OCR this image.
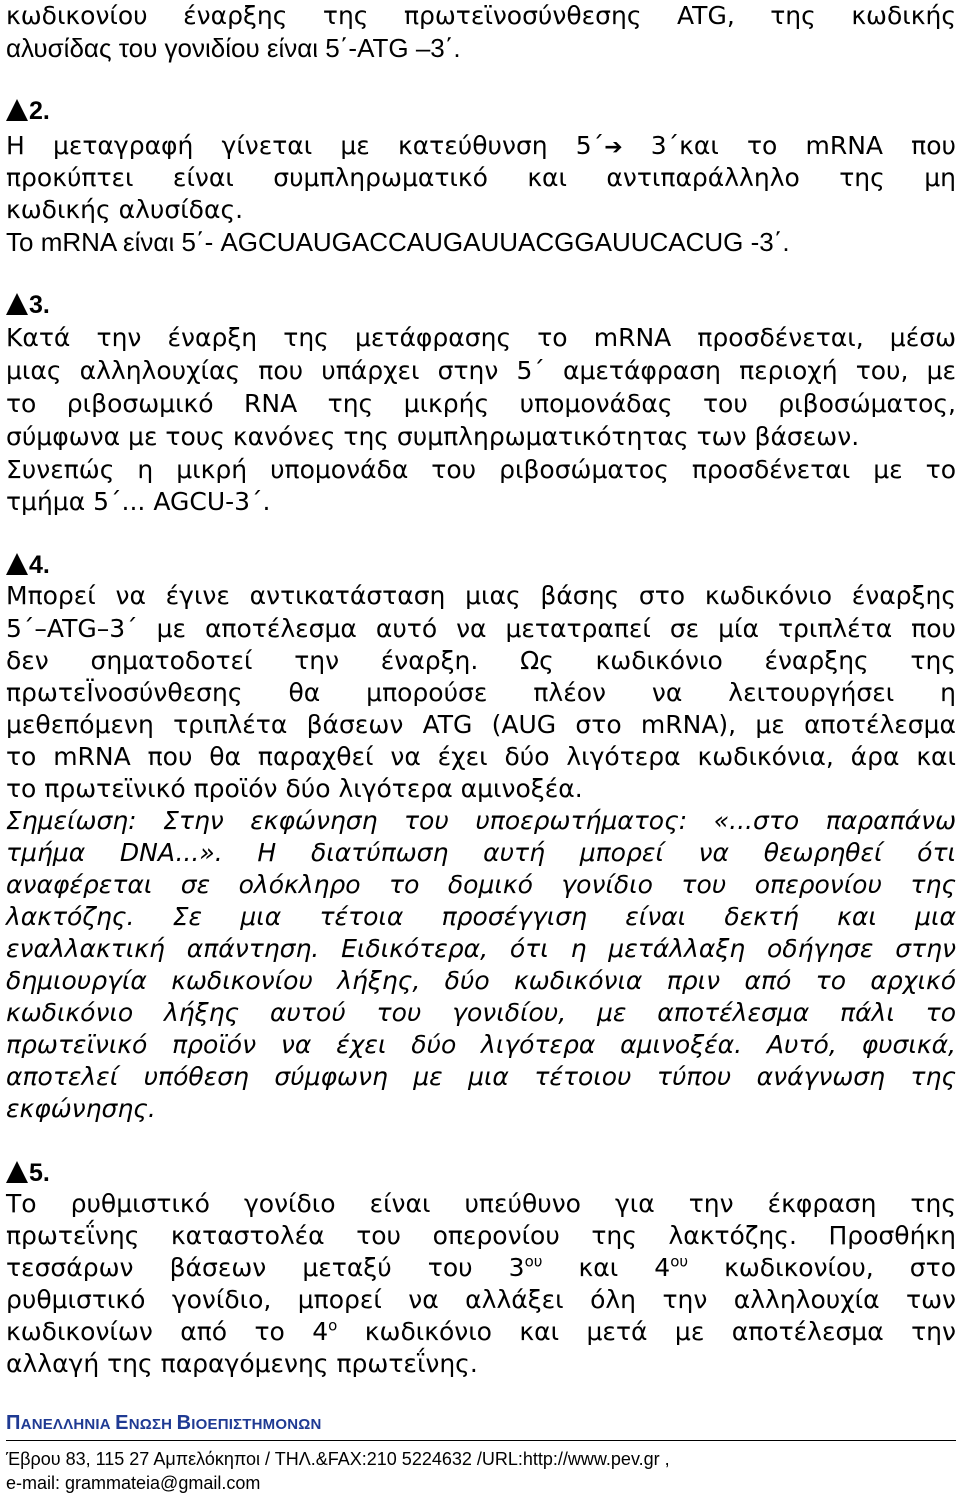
κωδικονίου έναρξης της πρωτεϊνοσύνθεσης ATG, της κωδικής
αλυσίδας του γονιδίου είναι 5΄-ATG –3΄.
2.
Η μεταγραφή γίνεται με κατεύθυνση 5΄➔ 3΄και το mRNA που
προκύπτει είναι συμπληρωματικό και αντιπαράλληλο της μη
κωδικής αλυσίδας.
Το mRNA είναι 5΄- AGCUAUGACCAUGAUUACGGAUUCACUG -3΄.
3.
Κατά την έναρξη της μετάφρασης το mRNA προσδένεται, μέσω
μιας αλληλουχίας που υπάρχει στην 5΄ αμετάφραση περιοχή του, με
το ριβοσωμικό RNA της μικρής υπομονάδας του ριβοσώματος,
σύμφωνα με τους κανόνες της συμπληρωματικότητας των βάσεων.
Συνεπώς η μικρή υπομονάδα του ριβοσώματος προσδένεται με το
τμήμα 5΄... AGCU-3΄.
4.
Μπορεί να έγινε αντικατάσταση μιας βάσης στο κωδικόνιο έναρξης
5΄–ATG–3΄ με αποτέλεσμα αυτό να μετατραπεί σε μία τριπλέτα που
δεν σηματοδοτεί την έναρξη. Ως κωδικόνιο έναρξης της
πρωτεΪνοσύνθεσης θα μπορούσε πλέον να λειτουργήσει η
μεθεπόμενη τριπλέτα βάσεων ATG (AUG στο mRNA), με αποτέλεσμα
το mRNA που θα παραχθεί να έχει δύο λιγότερα κωδικόνια, άρα και
το πρωτεϊνικό προϊόν δύο λιγότερα αμινοξέα.
Σημείωση: Στην εκφώνηση του υποερωτήματος: «...στο παραπάνω
τμήμα DNA...». Η διατύπωση αυτή μπορεί να θεωρηθεί ότι
αναφέρεται σε ολόκληρο το δομικό γονίδιο του οπερονίου της
λακτόζης. Σε μια τέτοια προσέγγιση είναι δεκτή και μια
εναλλακτική απάντηση. Ειδικότερα, ότι η μετάλλαξη οδήγησε στην
δημιουργία κωδικονίου λήξης, δύο κωδικόνια πριν από το αρχικό
κωδικόνιο λήξης αυτού του γονιδίου, με αποτέλεσμα πάλι το
πρωτεϊνικό προϊόν να έχει δύο λιγότερα αμινοξέα. Αυτό, φυσικά,
αποτελεί υπόθεση σύμφωνη με μια τέτοιου τύπου ανάγνωση της
εκφώνησης.
5.
Το ρυθμιστικό γονίδιο είναι υπεύθυνο για την έκφραση της
πρωτεΐνης καταστολέα του οπερονίου της λακτόζης. Προσθήκη
τεσσάρων βάσεων μεταξύ του $3^{o\upsilon}$ και $4^{o\upsilon}$ κωδικονίου, στο
ρυθμιστικό γονίδιο, μπορεί να αλλάξει όλη την αλληλουχία των
κωδικονίων από το $4^o$ κωδικόνιο και μετά με αποτέλεσμα την
αλλαγή της παραγόμενης πρωτεΐνης.
ΠΑΝΕΛΛΗΝΙΑ ΕΝΩΣΗ ΒΙΟΕΠΙΣΤΗΜΟΝΩΝ
Έβρου 83, 115 27 Αμπελόκηποι / ΤΗΛ.&FAX:210 5224632 /URL:http://www.pev.gr ,
e-mail: grammateia@gmail.com
